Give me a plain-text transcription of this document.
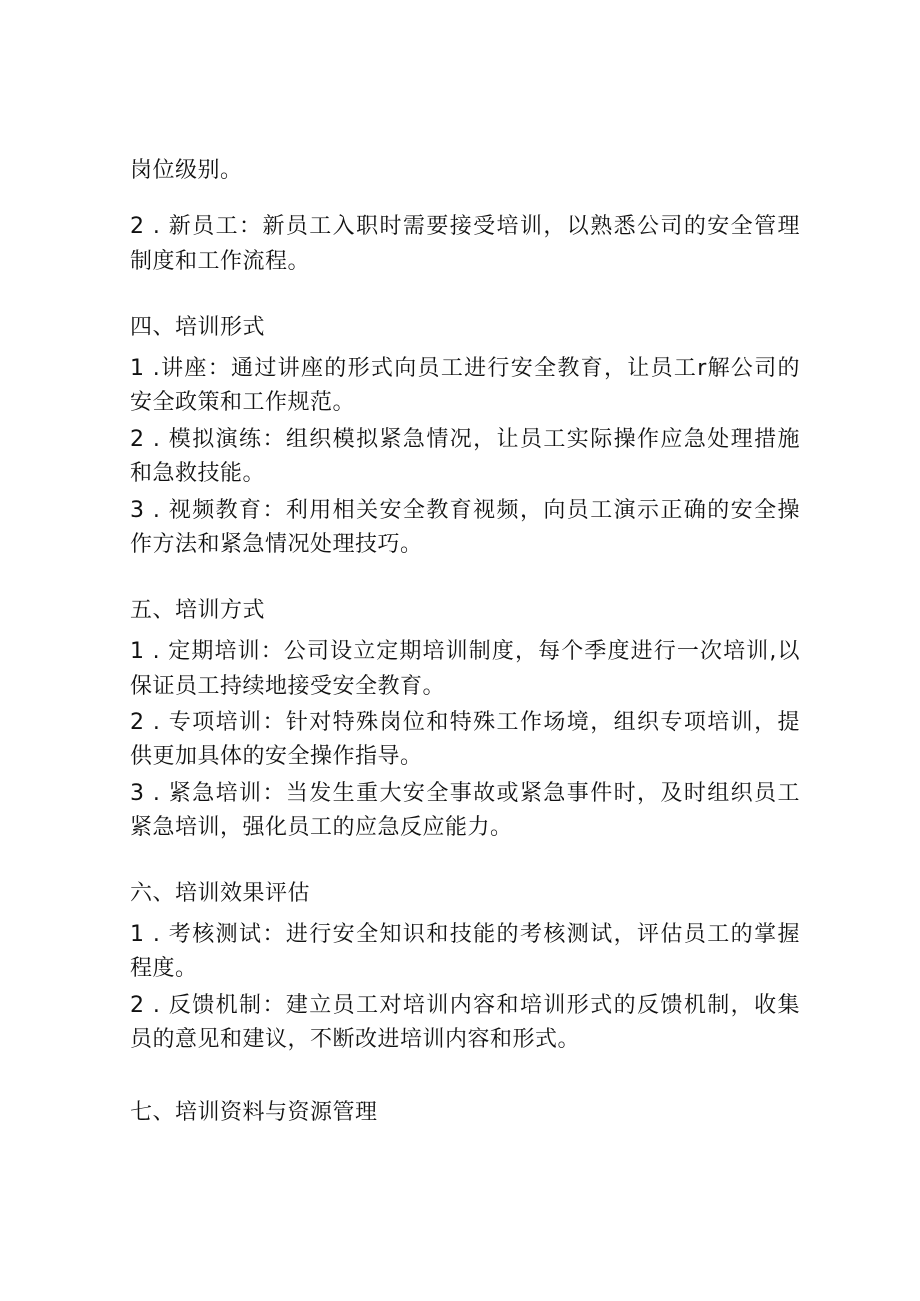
岗位级别。
2 . 新员工：新员工入职时需要接受培训，以熟悉公司的安全管理
制度和工作流程。
四、培训形式
1 .讲座：通过讲座的形式向员工进行安全教育，让员工r解公司的
安全政策和工作规范。
2 . 模拟演练：组织模拟紧急情况，让员工实际操作应急处理措施
和急救技能。
3 . 视频教育：利用相关安全教育视频，向员工演示正确的安全操
作方法和紧急情况处理技巧。
五、培训方式
1 . 定期培训：公司设立定期培训制度，每个季度进行一次培训,以
保证员工持续地接受安全教育。
2 . 专项培训：针对特殊岗位和特殊工作场境，组织专项培训，提
供更加具体的安全操作指导。
3 . 紧急培训：当发生重大安全事故或紧急事件时，及时组织员工
紧急培训，强化员工的应急反应能力。
六、培训效果评估
1 . 考核测试：进行安全知识和技能的考核测试，评估员工的掌握
程度。
2 . 反馈机制：建立员工对培训内容和培训形式的反馈机制，收集
员的意见和建议，不断改进培训内容和形式。
七、培训资料与资源管理
